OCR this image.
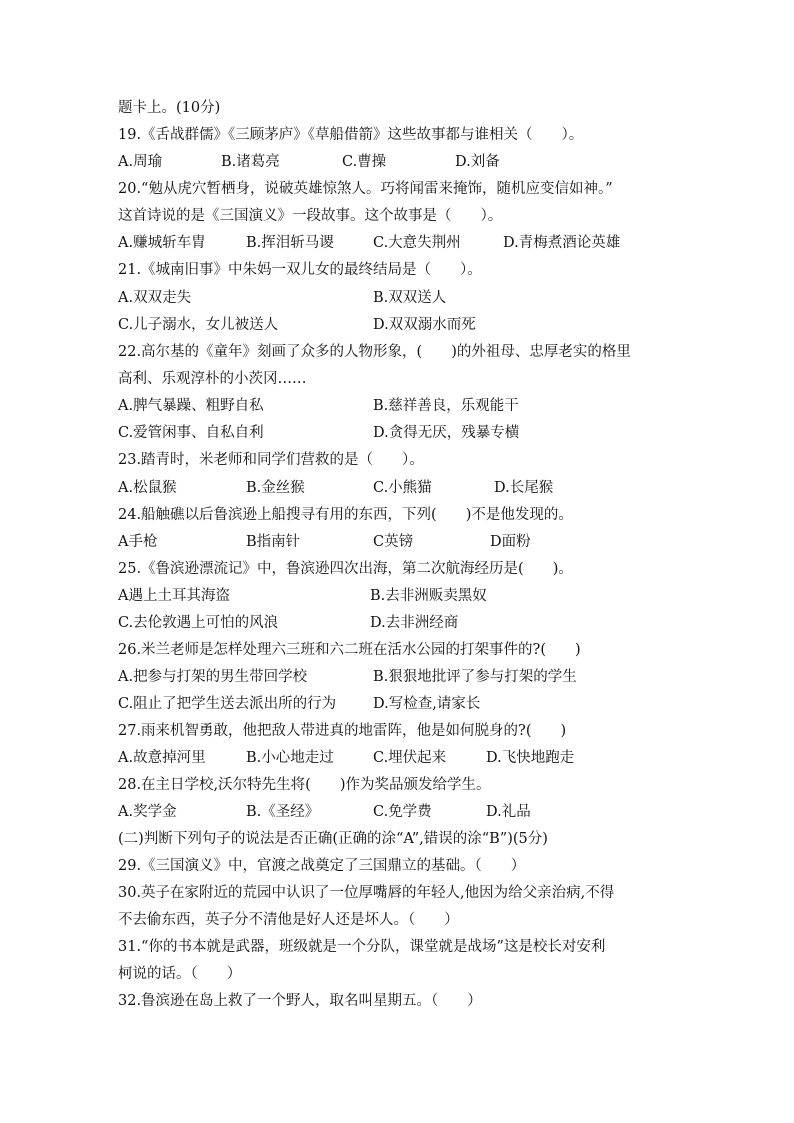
题卡上。(10分)
19.《舌战群儒》《三顾茅庐》《草船借箭》这些故事都与谁相关（　　）。
A.周瑜	B.诸葛亮	C.曹操	D.刘备
20.“勉从虎穴暂栖身，说破英雄惊煞人。巧将闻雷来掩饰，随机应变信如神。”
这首诗说的是《三国演义》一段故事。这个故事是（　　）。
A.赚城斩车胄	B.挥泪斩马谡	C.大意失荆州	D.青梅煮酒论英雄
21.《城南旧事》中朱妈一双儿女的最终结局是（　　）。
A.双双走失	B.双双送人
C.儿子溺水，女儿被送人	D.双双溺水而死
22.高尔基的《童年》刻画了众多的人物形象，(　　)的外祖母、忠厚老实的格里
高利、乐观淳朴的小茨冈……
A.脾气暴躁、粗野自私	B.慈祥善良，乐观能干
C.爱管闲事、自私自利	D.贪得无厌，残暴专横
23.踏青时，米老师和同学们营救的是（　　）。
A.松鼠猴	B.金丝猴	C.小熊猫	D.长尾猴
24.船触礁以后鲁滨逊上船搜寻有用的东西，下列(　　)不是他发现的。
A手枪	B指南针	C英镑	D面粉
25.《鲁滨逊漂流记》中，鲁滨逊四次出海，第二次航海经历是(　　)。
A遇上土耳其海盗	B.去非洲贩卖黑奴
C.去伦敦遇上可怕的风浪	D.去非洲经商
26.米兰老师是怎样处理六三班和六二班在活水公园的打架事件的?(　　)
A.把参与打架的男生带回学校	B.狠狠地批评了参与打架的学生
C.阻止了把学生送去派出所的行为	D.写检查,请家长
27.雨来机智勇敢，他把敌人带进真的地雷阵，他是如何脱身的?(　　)
A.故意掉河里	B.小心地走过	C.埋伏起来	D.飞快地跑走
28.在主日学校,沃尔特先生将(　　)作为奖品颁发给学生。
A.奖学金	B.《圣经》	C.免学费	D.礼品
(二)判断下列句子的说法是否正确(正确的涂“A”,错误的涂“B”)(5分)
29.《三国演义》中，官渡之战奠定了三国鼎立的基础。（　　）
30.英子在家附近的荒园中认识了一位厚嘴唇的年轻人,他因为给父亲治病,不得
不去偷东西，英子分不清他是好人还是坏人。（　　）
31.“你的书本就是武器，班级就是一个分队，课堂就是战场”这是校长对安利
柯说的话。（　　）
32.鲁滨逊在岛上救了一个野人，取名叫星期五。（　　）
